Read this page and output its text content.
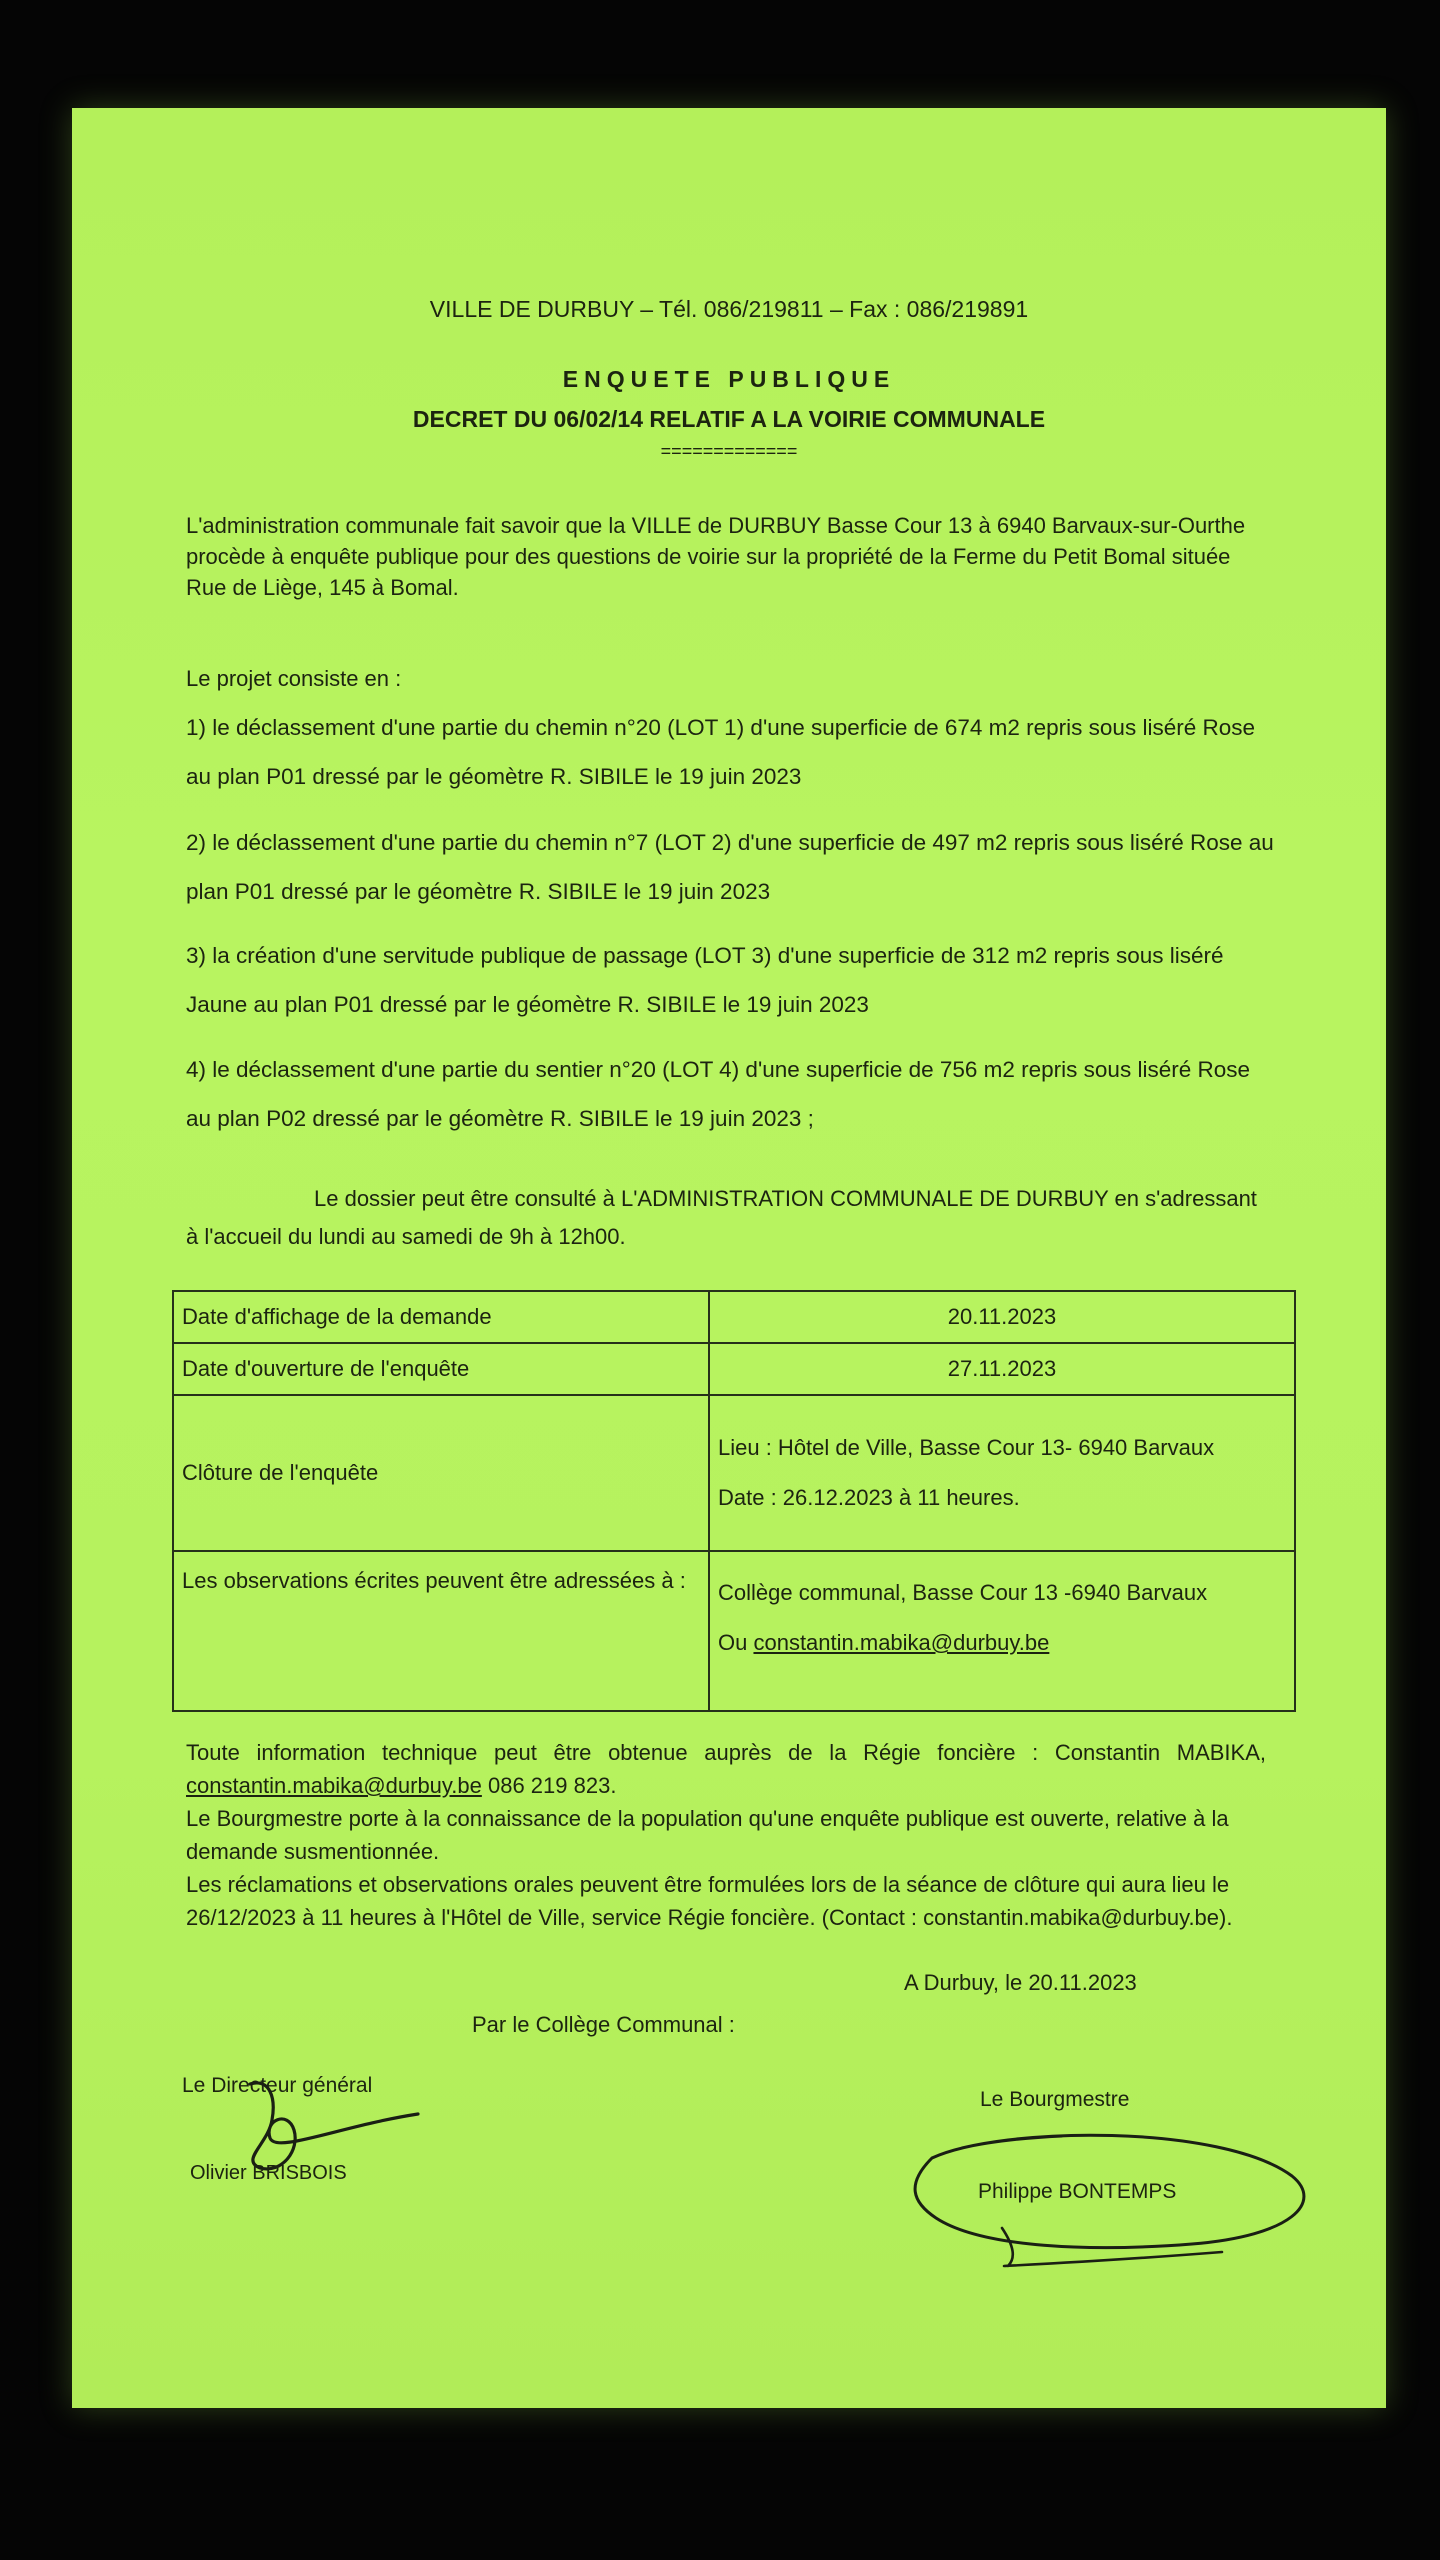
VILLE DE DURBUY – Tél. 086/219811 – Fax : 086/219891
ENQUETE PUBLIQUE
DECRET DU 06/02/14 RELATIF A LA VOIRIE COMMUNALE
=============
L'administration communale fait savoir que la VILLE de DURBUY Basse Cour 13 à 6940 Barvaux-sur-Ourthe procède à enquête publique pour des questions de voirie sur la propriété de la Ferme du Petit Bomal située Rue de Liège, 145 à Bomal.
Le projet consiste en :
1) le déclassement d'une partie du chemin n°20 (LOT 1) d'une superficie de 674 m2 repris sous liséré Rose au plan P01 dressé par le géomètre R. SIBILE le 19 juin 2023
2) le déclassement d'une partie du chemin n°7 (LOT 2) d'une superficie de 497 m2 repris sous liséré Rose au plan P01 dressé par le géomètre R. SIBILE le 19 juin 2023
3) la création d'une servitude publique de passage (LOT 3) d'une superficie de 312 m2 repris sous liséré Jaune au plan P01 dressé par le géomètre R. SIBILE le 19 juin 2023
4) le déclassement d'une partie du sentier n°20 (LOT 4) d'une superficie de 756 m2 repris sous liséré Rose au plan P02 dressé par le géomètre R. SIBILE le 19 juin 2023 ;
Le dossier peut être consulté à L'ADMINISTRATION COMMUNALE DE DURBUY en s'adressant à l'accueil du lundi au samedi de 9h à 12h00.
Date d'affichage de la demande	20.11.2023
Date d'ouverture de l'enquête	27.11.2023
Clôture de l'enquête	Lieu : Hôtel de Ville, Basse Cour 13- 6940 Barvaux
Date : 26.12.2023 à 11 heures.

Les observations écrites peuvent être adressées à :	Collège communal, Basse Cour 13 -6940 Barvaux
Ou constantin.mabika@durbuy.be
Toute information technique peut être obtenue auprès de la Régie foncière : Constantin MABIKA, constantin.mabika@durbuy.be 086 219 823.
Le Bourgmestre porte à la connaissance de la population qu'une enquête publique est ouverte, relative à la demande susmentionnée.
Les réclamations et observations orales peuvent être formulées lors de la séance de clôture qui aura lieu le 26/12/2023 à 11 heures à l'Hôtel de Ville, service Régie foncière. (Contact : constantin.mabika@durbuy.be).
A Durbuy, le 20.11.2023
Par le Collège Communal :
Le Directeur général
Olivier BRISBOIS
Le Bourgmestre
Philippe BONTEMPS
